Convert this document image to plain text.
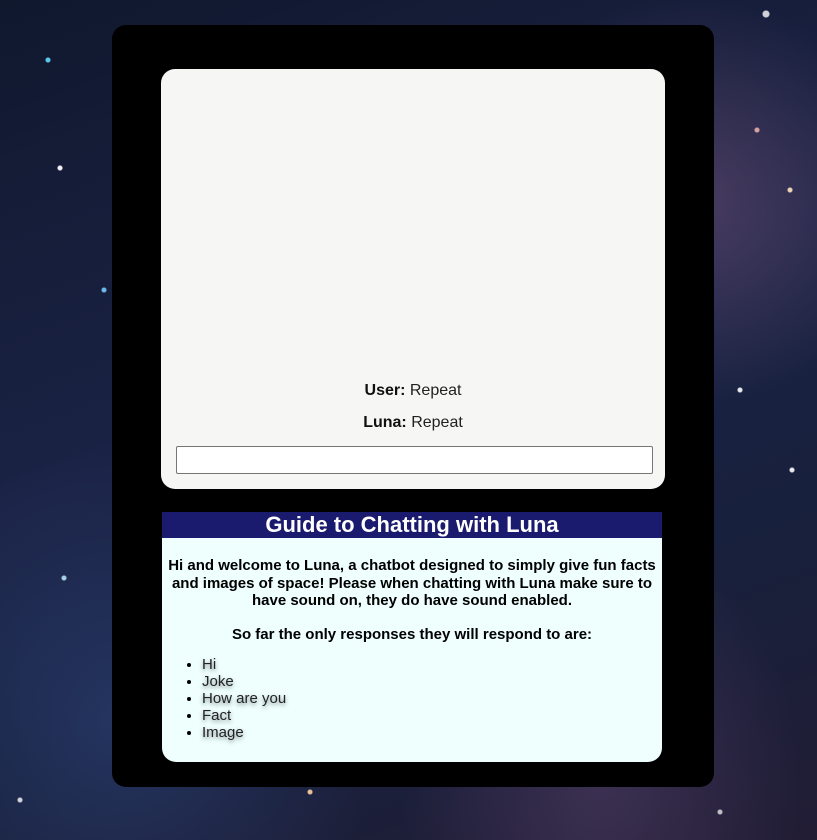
User: Repeat

Luna: Repeat

Guide to Chatting with Luna

Hi and welcome to Luna, a chatbot designed to simply give fun facts and images of space! Please when chatting with Luna make sure to have sound on, they do have sound enabled.

So far the only responses they will respond to are:

• Hi
• Joke
• How are you
• Fact
• Image
